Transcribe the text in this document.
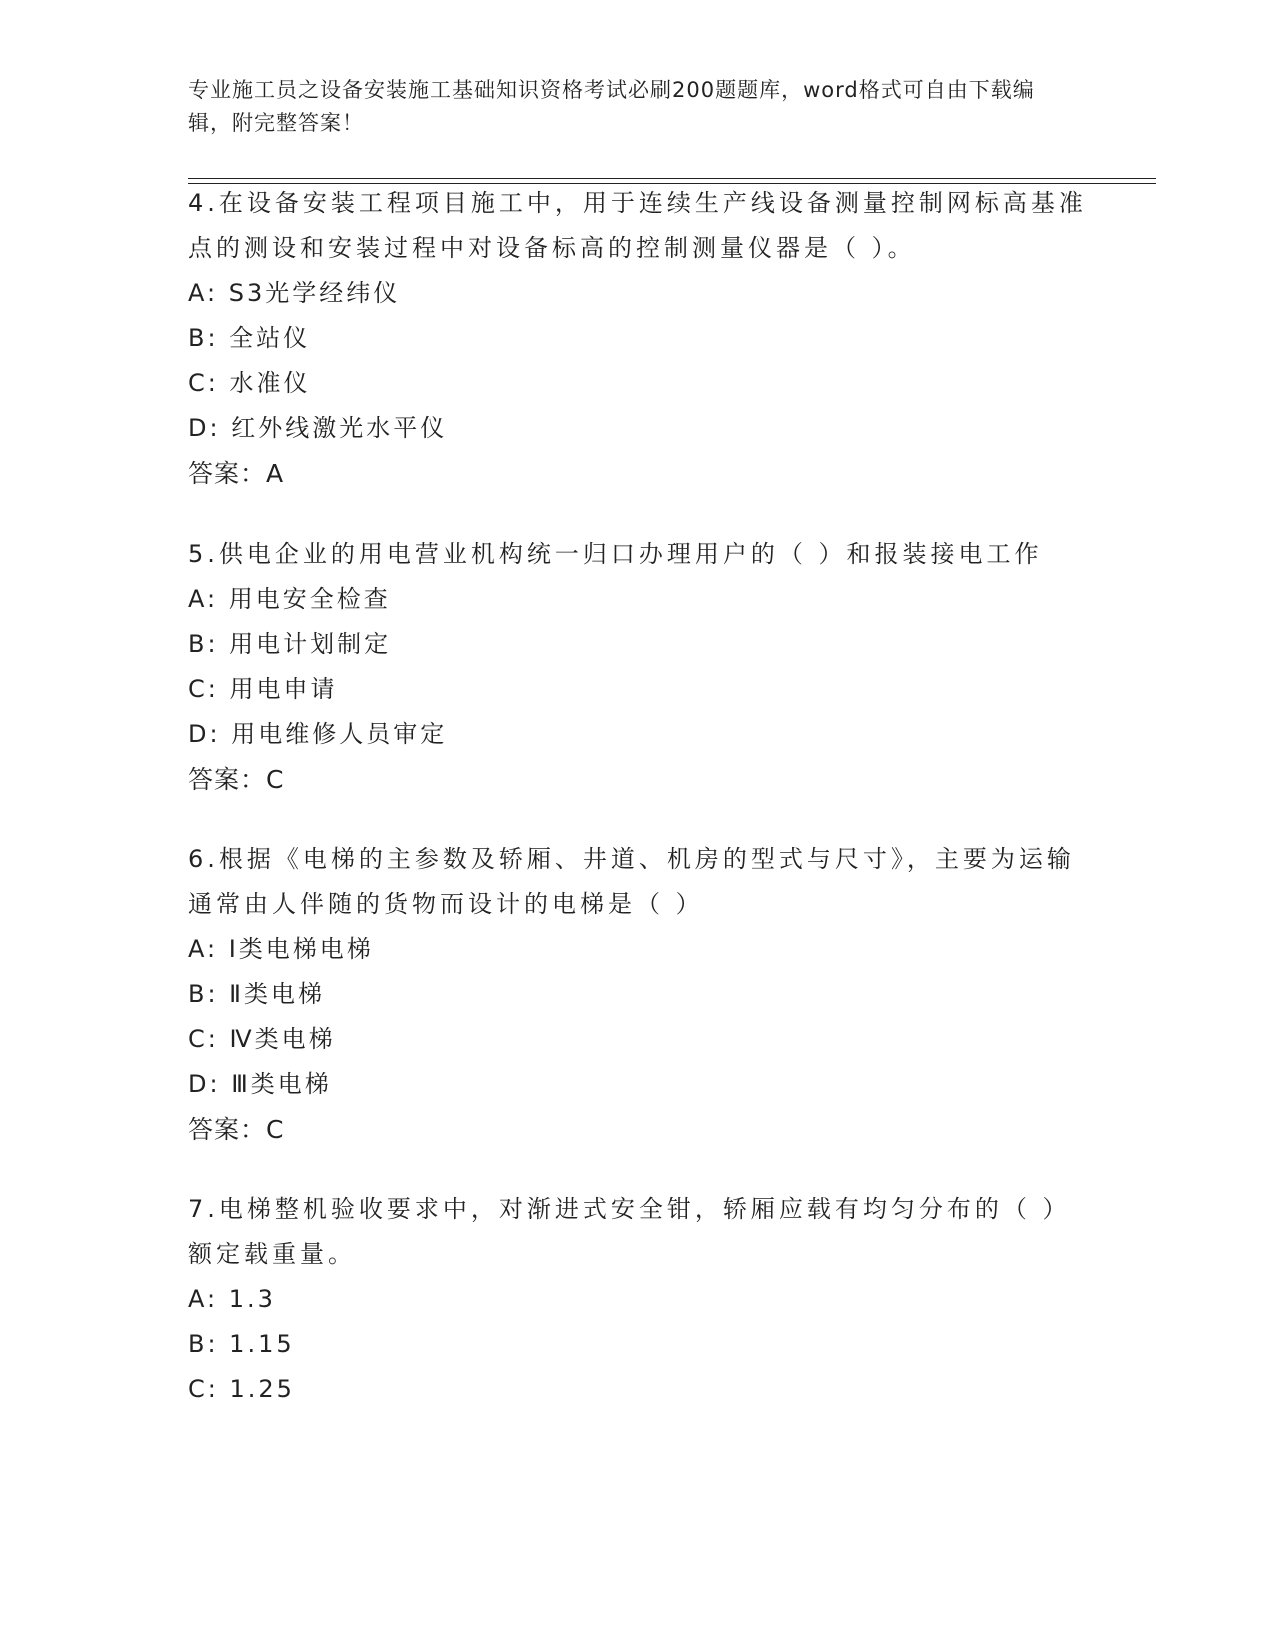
专业施工员之设备安装施工基础知识资格考试必刷200题题库，word格式可自由下载编辑，附完整答案！
4.在设备安装工程项目施工中，用于连续生产线设备测量控制网标高基准点的测设和安装过程中对设备标高的控制测量仪器是（ ）。
A: S3光学经纬仪
B: 全站仪
C: 水准仪
D: 红外线激光水平仪
答案：A
5.供电企业的用电营业机构统一归口办理用户的（ ）和报装接电工作
A: 用电安全检查
B: 用电计划制定
C: 用电申请
D: 用电维修人员审定
答案：C
6.根据《电梯的主参数及轿厢、井道、机房的型式与尺寸》，主要为运输通常由人伴随的货物而设计的电梯是（ ）
A: Ⅰ类电梯电梯
B: Ⅱ类电梯
C: Ⅳ类电梯
D: Ⅲ类电梯
答案：C
7.电梯整机验收要求中，对渐进式安全钳，轿厢应载有均匀分布的（ ）额定载重量。
A: 1.3
B: 1.15
C: 1.25
